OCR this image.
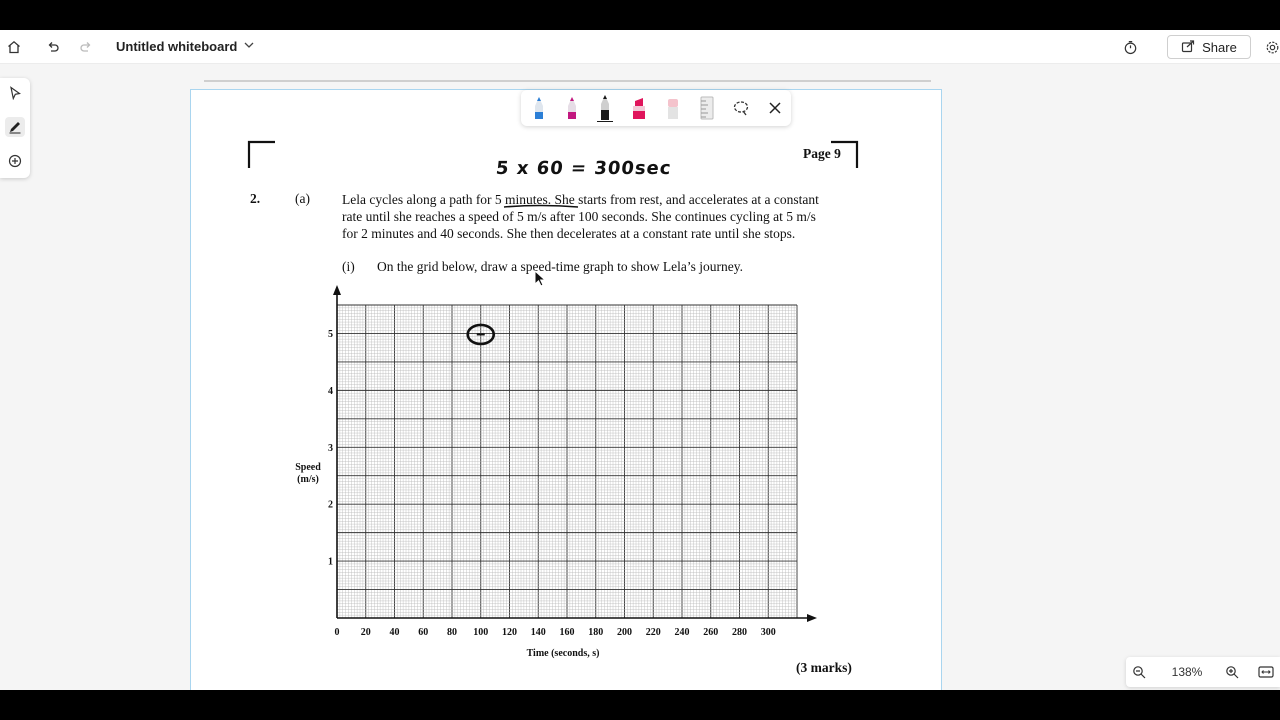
Untitled whiteboard	Share
Page 9
5 x 60 = 300sec
2.	(a) Lela cycles along a path for 5 minutes. She starts from rest, and accelerates at a constant
rate until she reaches a speed of 5 m/s after 100 seconds. She continues cycling at 5 m/s
for 2 minutes and 40 seconds. She then decelerates at a constant rate until she stops.
(i) On the grid below, draw a speed-time graph to show Lela’s journey.
0 20 40 60 80 100 120 140 160 180 200 220 240 260 280 300
1
2
3
4
5
Time (seconds, s)
Speed
(m/s)
(3 marks)	138%
